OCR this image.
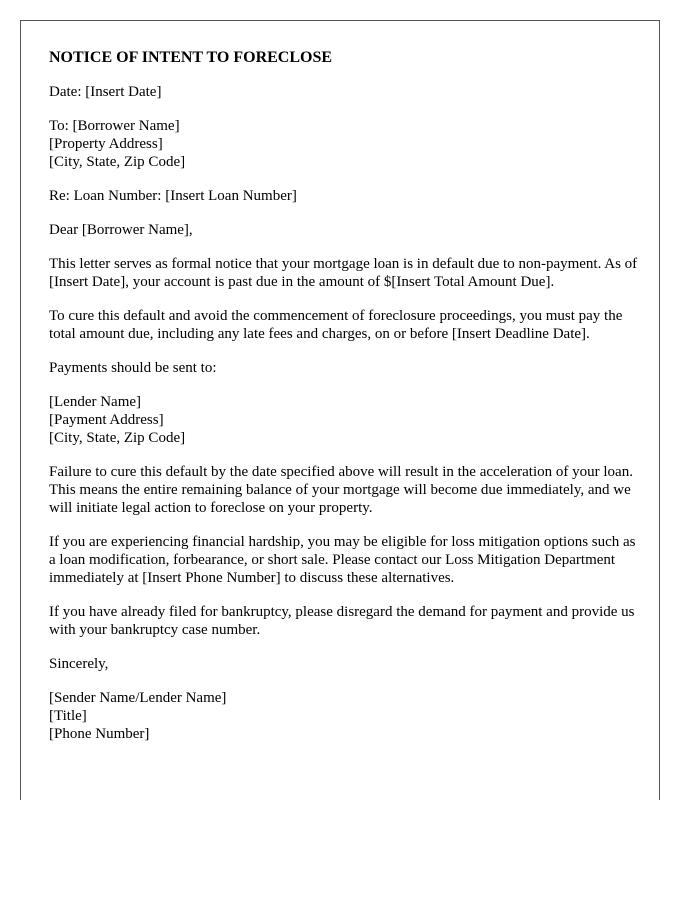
NOTICE OF INTENT TO FORECLOSE
Date: [Insert Date]
To: [Borrower Name]
[Property Address]
[City, State, Zip Code]
Re: Loan Number: [Insert Loan Number]
Dear [Borrower Name],
This letter serves as formal notice that your mortgage loan is in default due to non-payment. As of [Insert Date], your account is past due in the amount of $[Insert Total Amount Due].
To cure this default and avoid the commencement of foreclosure proceedings, you must pay the total amount due, including any late fees and charges, on or before [Insert Deadline Date].
Payments should be sent to:
[Lender Name]
[Payment Address]
[City, State, Zip Code]
Failure to cure this default by the date specified above will result in the acceleration of your loan. This means the entire remaining balance of your mortgage will become due immediately, and we will initiate legal action to foreclose on your property.
If you are experiencing financial hardship, you may be eligible for loss mitigation options such as a loan modification, forbearance, or short sale. Please contact our Loss Mitigation Department immediately at [Insert Phone Number] to discuss these alternatives.
If you have already filed for bankruptcy, please disregard the demand for payment and provide us with your bankruptcy case number.
Sincerely,
[Sender Name/Lender Name]
[Title]
[Phone Number]
